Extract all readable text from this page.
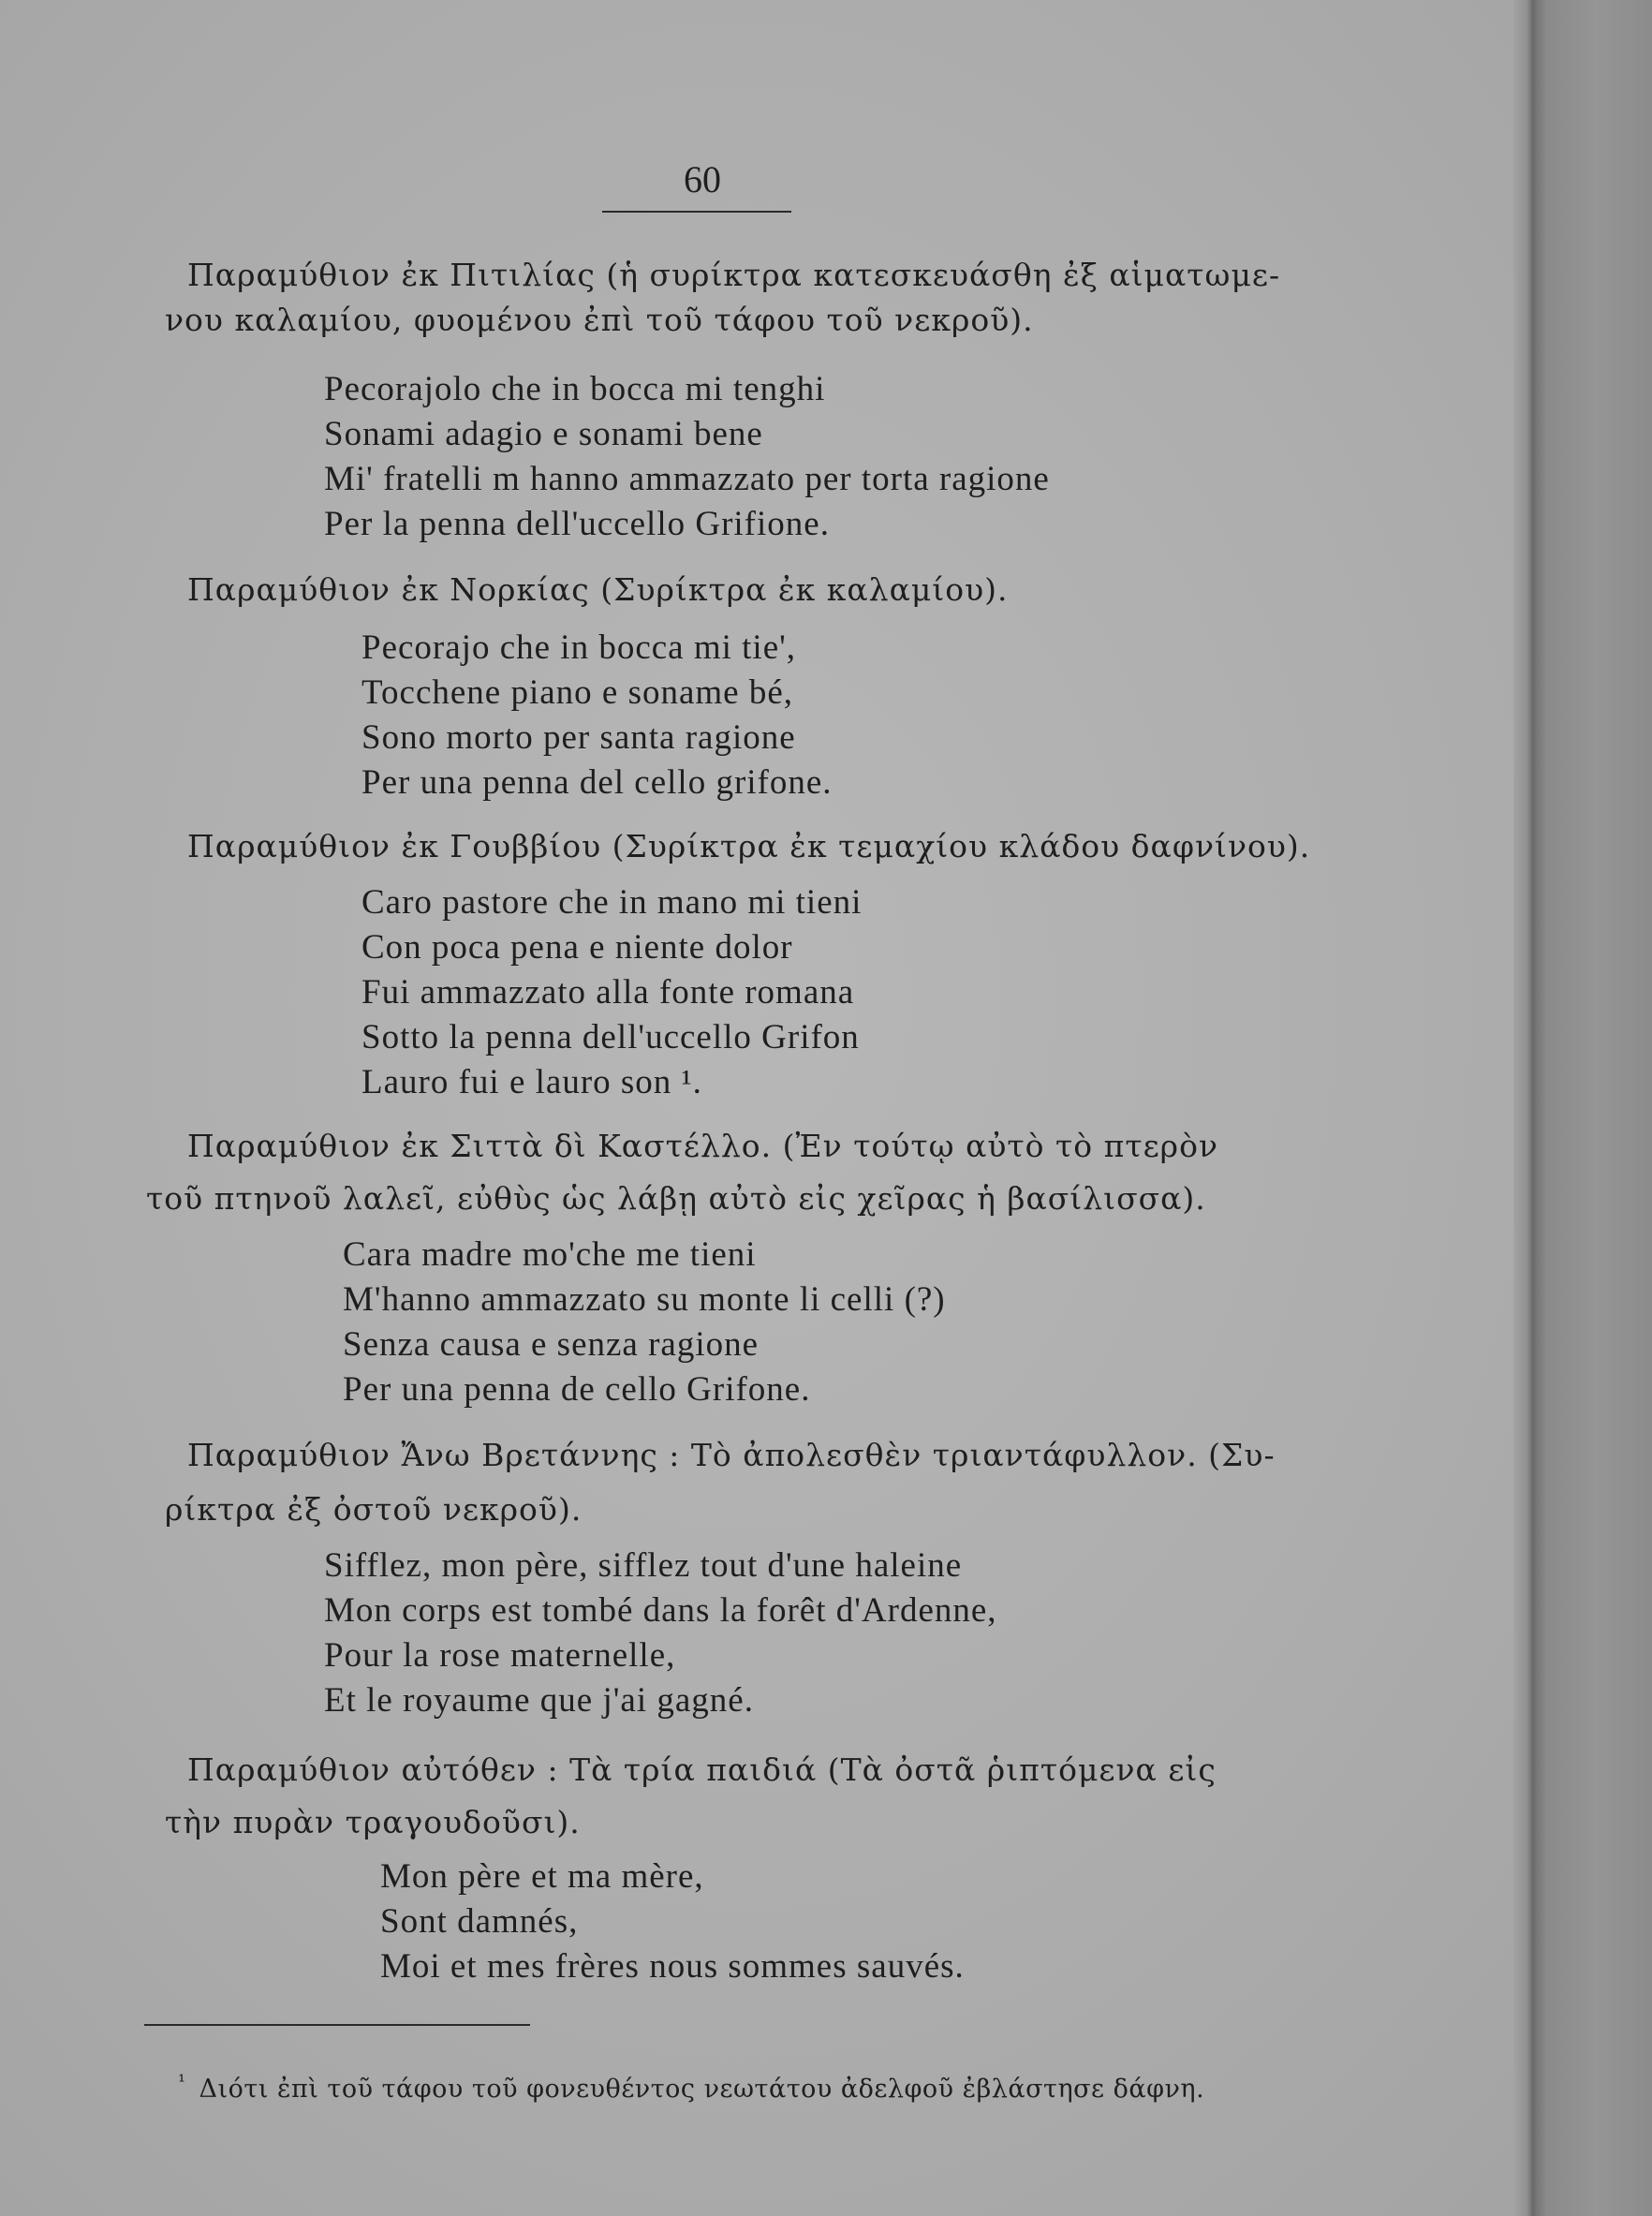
60
Παραμύθιον ἐκ Πιτιλίας (ἡ συρίκτρα κατεσκευάσθη ἐξ αἱματωμε-
νου καλαμίου, φυομένου ἐπὶ τοῦ τάφου τοῦ νεκροῦ).
Pecorajolo che in bocca mi tenghi
Sonami adagio e sonami bene
Mi' fratelli m hanno ammazzato per torta ragione
Per la penna dell'uccello Grifione.
Παραμύθιον ἐκ Νορκίας (Συρίκτρα ἐκ καλαμίου).
Pecorajo che in bocca mi tie',
Tocchene piano e soname bé,
Sono morto per santa ragione
Per una penna del cello grifone.
Παραμύθιον ἐκ Γουββίου (Συρίκτρα ἐκ τεμαχίου κλάδου δαφνίνου).
Caro pastore che in mano mi tieni
Con poca pena e niente dolor
Fui ammazzato alla fonte romana
Sotto la penna dell'uccello Grifon
Lauro fui e lauro son ¹.
Παραμύθιον ἐκ Σιττὰ δὶ Καστέλλο. (Ἐν τούτῳ αὐτὸ τὸ πτερὸν
τοῦ πτηνοῦ λαλεῖ, εὐθὺς ὡς λάβῃ αὐτὸ εἰς χεῖρας ἡ βασίλισσα).
Cara madre mo'che me tieni
M'hanno ammazzato su monte li celli (?)
Senza causa e senza ragione
Per una penna de cello Grifone.
Παραμύθιον Ἄνω Βρετάννης : Τὸ ἀπολεσθὲν τριαντάφυλλον. (Συ-
ρίκτρα ἐξ ὀστοῦ νεκροῦ).
Sifflez, mon père, sifflez tout d'une haleine
Mon corps est tombé dans la forêt d'Ardenne,
Pour la rose maternelle,
Et le royaume que j'ai gagné.
Παραμύθιον αὐτόθεν : Τὰ τρία παιδιά (Τὰ ὀστᾶ ῥιπτόμενα εἰς
τὴν πυρὰν τραγουδοῦσι).
Mon père et ma mère,
Sont damnés,
Moi et mes frères nous sommes sauvés.
$^{^1}$ Διότι ἐπὶ τοῦ τάφου τοῦ φονευθέντος νεωτάτου ἀδελφοῦ ἐβλάστησε δάφνη.
